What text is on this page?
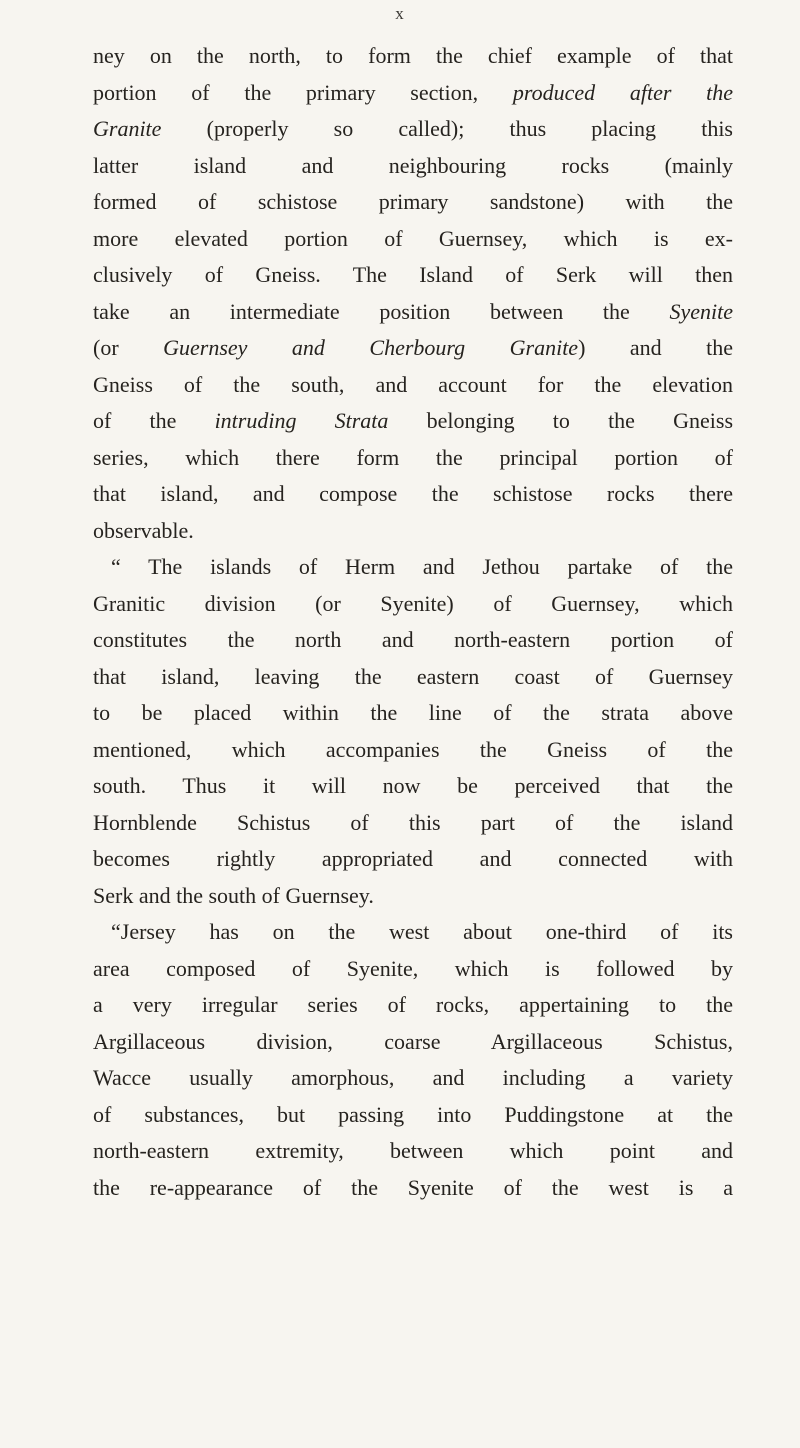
x
ney on the north, to form the chief example of that
portion of the primary section, produced after the
Granite (properly so called); thus placing this
latter island and neighbouring rocks (mainly
formed of schistose primary sandstone) with the
more elevated portion of Guernsey, which is ex-
clusively of Gneiss. The Island of Serk will then
take an intermediate position between the Syenite
(or Guernsey and Cherbourg Granite) and the
Gneiss of the south, and account for the elevation
of the intruding Strata belonging to the Gneiss
series, which there form the principal portion of
that island, and compose the schistose rocks there
observable.
“ The islands of Herm and Jethou partake of the
Granitic division (or Syenite) of Guernsey, which
constitutes the north and north-eastern portion of
that island, leaving the eastern coast of Guernsey
to be placed within the line of the strata above
mentioned, which accompanies the Gneiss of the
south. Thus it will now be perceived that the
Hornblende Schistus of this part of the island
becomes rightly appropriated and connected with
Serk and the south of Guernsey.
“Jersey has on the west about one-third of its
area composed of Syenite, which is followed by
a very irregular series of rocks, appertaining to the
Argillaceous division, coarse Argillaceous Schistus,
Wacce usually amorphous, and including a variety
of substances, but passing into Puddingstone at the
north-eastern extremity, between which point and
the re-appearance of the Syenite of the west is a
